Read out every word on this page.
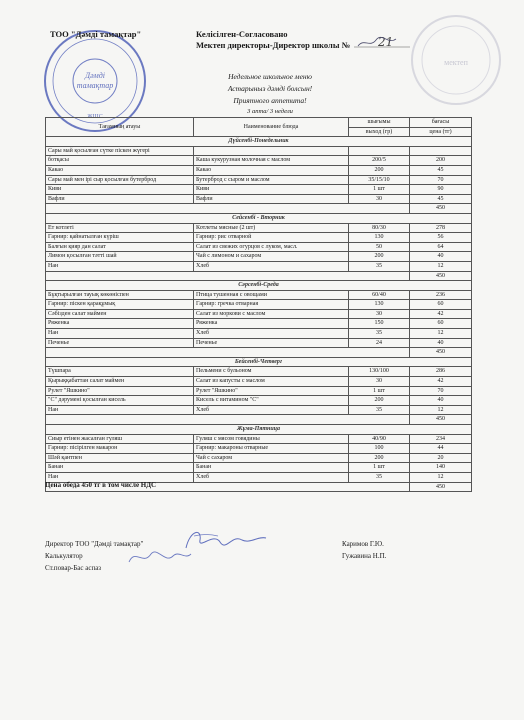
Дәмді
тамақтар
ЖШС
мектеп
ТОО "Дәмді тамақтар"	Келісілген-Согласовано
Мектеп директоры-Директор школы № 21
Недельное школьное меню
Астарыныз дәмді болсын!
Приятного аппетита!
3 апта/ 3 недели
Тағамның атауы	Наименование блюда	шығымы	бағасы
		выход (гр)	цена (тг)
Дүйсенбі-Понедельник			
Сары май қосылған сүтке піскен жүгері			
ботқасы	Каша кукурузная молочная с маслом	200/5	200
Какао	Какао	200	45
Сары май мен ірі сыр қосылған бутерброд	Бутерброд с сыром и маслом	35/15/10	70
Киви	Киви	1 шт	90
Вафли	Вафли	30	45
			450
Сейсенбі - Вторник			
Ет котлеті	Котлеты мясные (2 шт)	80/30	278
Гарнир: қайнатылған күріш	Гарнир: рис отварной	130	56
Балғын қияр дан салат	Салат из свежих огурцов с луком, масл.	50	64
Лимон қосылған тәтті шай	Чай с лимоном и сахаром	200	40
Нан	Хлеб	35	12
			450
Сәрсенбі-Среда			
Бұқтырылған тауық көкөніспен	Птица тушенная с овощами	60/40	236
Гарнир: піскен қарақұмық	Гарнир: гречка отварная	130	60
Сәбізден салат маймен	Салат из моркови с маслом	30	42
Ряженка	Ряженка	150	60
Нан	Хлеб	35	12
Печенье	Печенье	24	40
			450
Бейсенбі-Четверг			
Түшпара	Пельмени с бульоном	130/100	286
Қырыққабаттан салат маймен	Салат из капусты с маслом	30	42
Рулет "Яшкино"	Рулет "Яшкино"	1 шт	70
"С" дәрумені қосылған кисель	Кисель с витамином "С"	200	40
Нан	Хлеб	35	12
			450
Жұма-Пятница			
Сиыр етінен жасалған гуляш	Гуляш с мясом говядины	40/90	234
Гарнир: пісірілген макарон	Гарнир: макароны отварные	100	44
Шәй қантпен	Чай с сахаром	200	20
Банан	Банан	1 шт	140
Нан	Хлеб	35	12
			450
Цена обеда 450 тг в том числе НДС
Директор ТОО "Дәмді тамақтар"
Калькулятор
Ст.повар-Бас аспаз
Каримов Г.Ю.
Гужавина Н.П.
